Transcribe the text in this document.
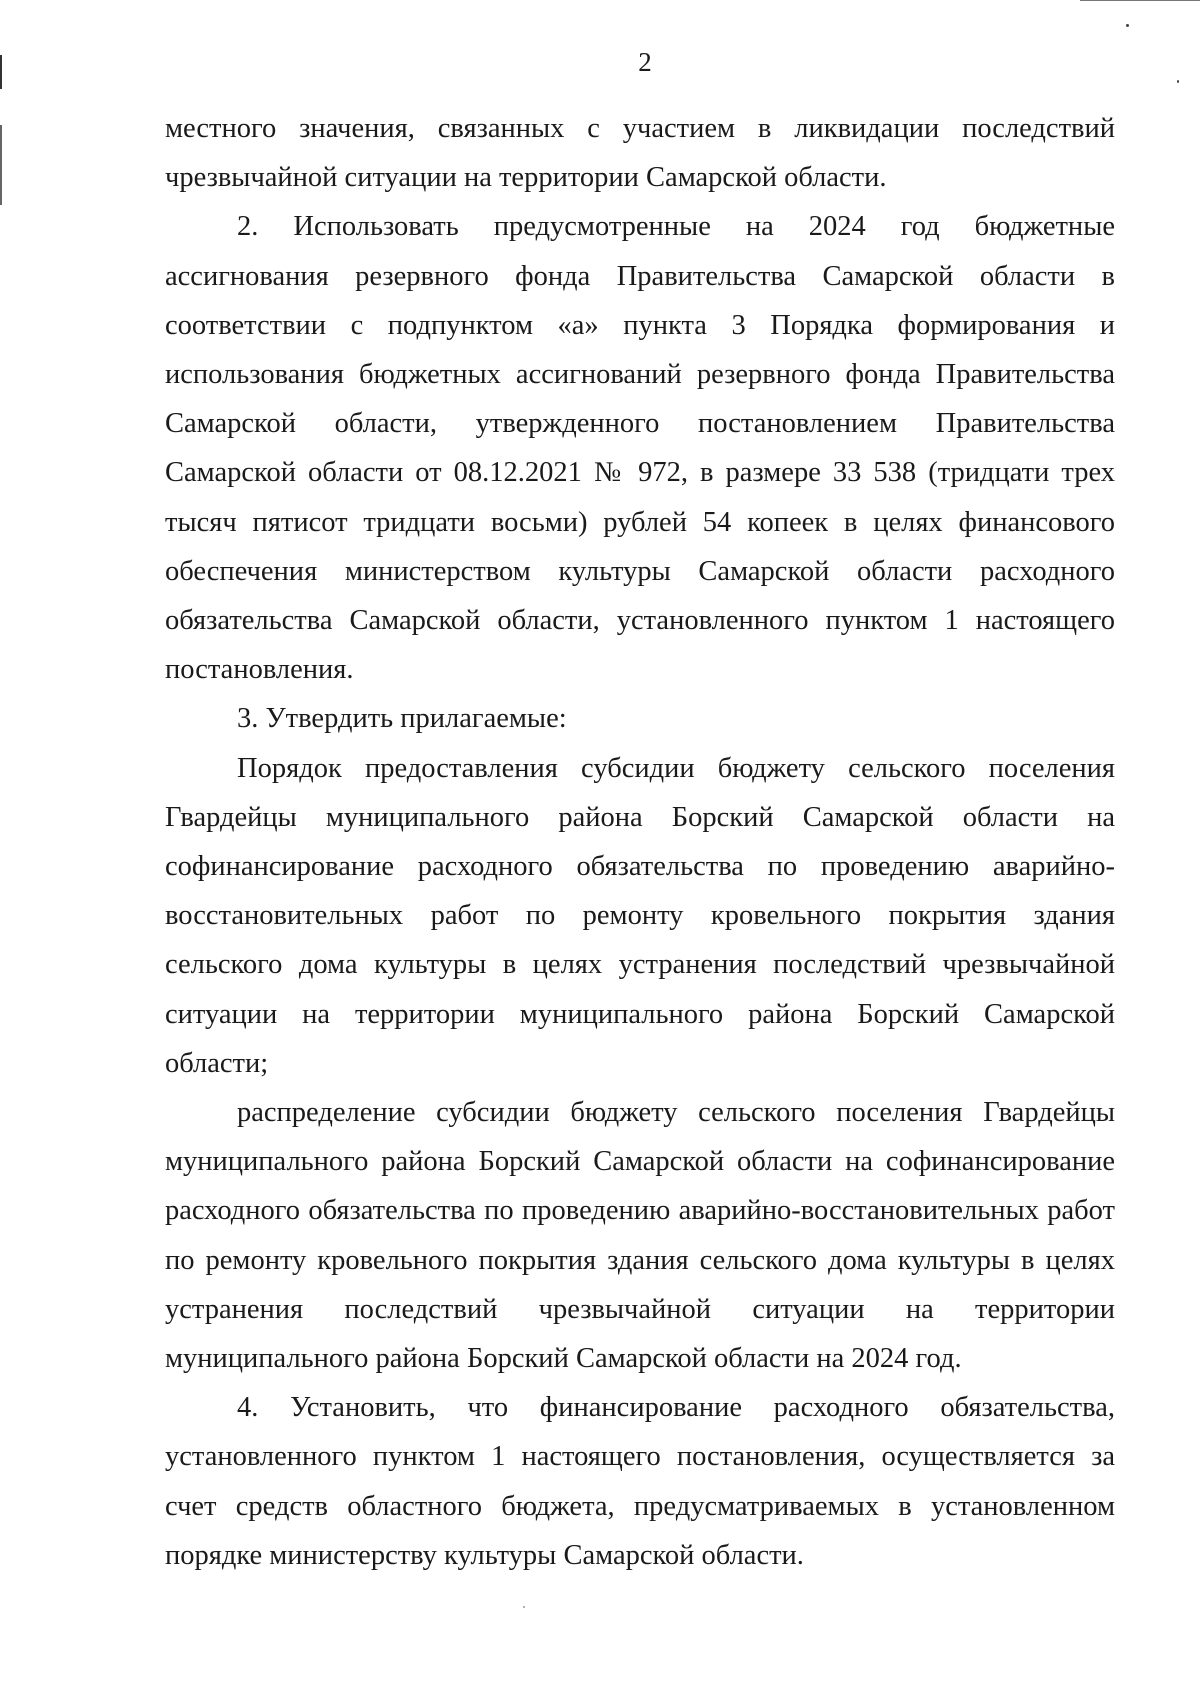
2

местного значения, связанных с участием в ликвидации последствий чрезвычайной ситуации на территории Самарской области.

2. Использовать предусмотренные на 2024 год бюджетные ассигнования резервного фонда Правительства Самарской области в соответствии с подпунктом «а» пункта 3 Порядка формирования и использования бюджетных ассигнований резервного фонда Правительства Самарской области, утвержденного постановлением Правительства Самарской области от 08.12.2021 № 972, в размере 33 538 (тридцати трех тысяч пятисот тридцати восьми) рублей 54 копеек в целях финансового обеспечения министерством культуры Самарской области расходного обязательства Самарской области, установленного пунктом 1 настоящего постановления.

3. Утвердить прилагаемые:

Порядок предоставления субсидии бюджету сельского поселения Гвардейцы муниципального района Борский Самарской области на софинансирование расходного обязательства по проведению аварийно-восстановительных работ по ремонту кровельного покрытия здания сельского дома культуры в целях устранения последствий чрезвычайной ситуации на территории муниципального района Борский Самарской области;

распределение субсидии бюджету сельского поселения Гвардейцы муниципального района Борский Самарской области на софинансирование расходного обязательства по проведению аварийно-восстановительных работ по ремонту кровельного покрытия здания сельского дома культуры в целях устранения последствий чрезвычайной ситуации на территории муниципального района Борский Самарской области на 2024 год.

4. Установить, что финансирование расходного обязательства, установленного пунктом 1 настоящего постановления, осуществляется за счет средств областного бюджета, предусматриваемых в установленном порядке министерству культуры Самарской области.
